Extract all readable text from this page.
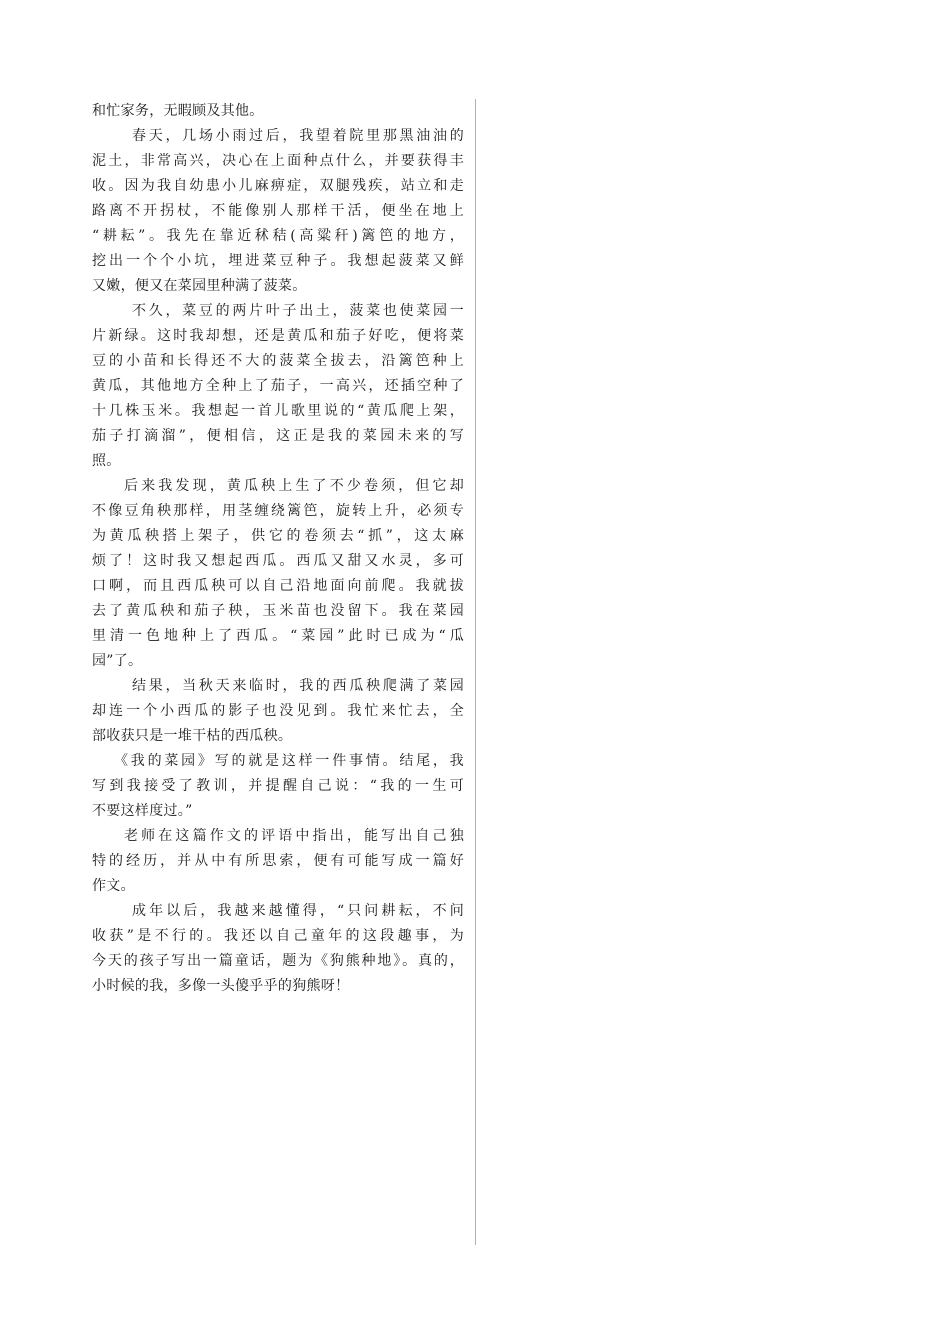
和忙家务，无暇顾及其他。
春天，几场小雨过后，我望着院里那黑油油的
泥土，非常高兴，决心在上面种点什么，并要获得丰
收。因为我自幼患小儿麻痹症，双腿残疾，站立和走
路离不开拐杖，不能像别人那样干活，便坐在地上
“耕耘”。我先在靠近秫秸(高粱秆)篱笆的地方，
挖出一个个小坑，埋进菜豆种子。我想起菠菜又鲜
又嫩，便又在菜园里种满了菠菜。
不久，菜豆的两片叶子出土，菠菜也使菜园一
片新绿。这时我却想，还是黄瓜和茄子好吃，便将菜
豆的小苗和长得还不大的菠菜全拔去，沿篱笆种上
黄瓜，其他地方全种上了茄子，一高兴，还插空种了
十几株玉米。我想起一首儿歌里说的“黄瓜爬上架，
茄子打滴溜”，便相信，这正是我的菜园未来的写
照。
后来我发现，黄瓜秧上生了不少卷须，但它却
不像豆角秧那样，用茎缠绕篱笆，旋转上升，必须专
为黄瓜秧搭上架子，供它的卷须去“抓”，这太麻
烦了！这时我又想起西瓜。西瓜又甜又水灵，多可
口啊，而且西瓜秧可以自己沿地面向前爬。我就拔
去了黄瓜秧和茄子秧，玉米苗也没留下。我在菜园
里清一色地种上了西瓜。“菜园”此时已成为“瓜
园”了。
结果，当秋天来临时，我的西瓜秧爬满了菜园
却连一个小西瓜的影子也没见到。我忙来忙去，全
部收获只是一堆干枯的西瓜秧。
《我的菜园》写的就是这样一件事情。结尾，我
写到我接受了教训，并提醒自己说：“我的一生可
不要这样度过。”
老师在这篇作文的评语中指出，能写出自己独
特的经历，并从中有所思索，便有可能写成一篇好
作文。
成年以后，我越来越懂得，“只问耕耘，不问
收获”是不行的。我还以自己童年的这段趣事，为
今天的孩子写出一篇童话，题为《狗熊种地》。真的，
小时候的我，多像一头傻乎乎的狗熊呀！
